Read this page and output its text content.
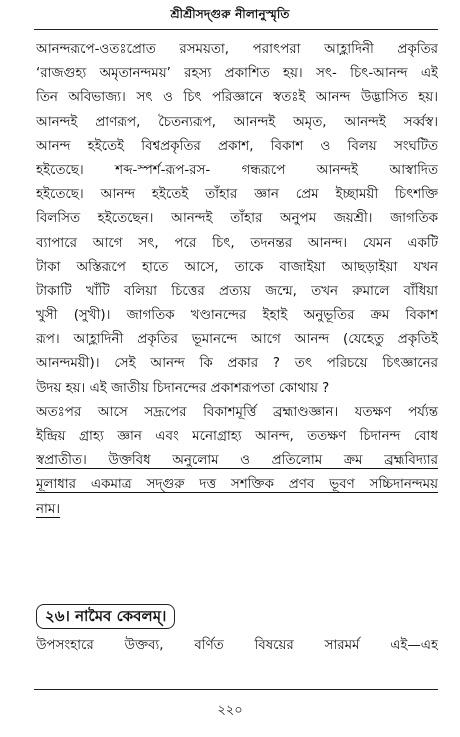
শ্রীশ্রীসদ্‌গুরু নীলানুস্মৃতি
আনন্দরূপে-ওতঃপ্রোত রসময়তা, পরাৎপরা আহ্লাদিনী প্রকৃতির
‘রাজগুহ্য অমৃতানন্দময়’ রহস্য প্রকাশিত হয়। সৎ- চিৎ-আনন্দ এই
তিন অবিভাজ্য। সৎ ও চিৎ পরিজ্ঞানে স্বতঃই আনন্দ উদ্ভাসিত হয়।
আনন্দই প্রাণরূপ, চৈতন্যরূপ, আনন্দই অমৃত, আনন্দই সর্ব্বস্ব।
আনন্দ হইতেই বিশ্বপ্রকৃতির প্রকাশ, বিকাশ ও বিলয় সংঘটিত
হইতেছে। শব্দ-স্পর্শ-রূপ-রস- গন্ধরূপে আনন্দই আস্বাদিত
হইতেছে। আনন্দ হইতেই তাঁহার জ্ঞান প্রেম ইচ্ছাময়ী চিৎশক্তি
বিলসিত হইতেছেন। আনন্দই তাঁহার অনুপম জয়শ্রী। জাগতিক
ব্যাপারে আগে সৎ, পরে চিৎ, তদনন্তর আনন্দ। যেমন একটি
টাকা অস্তিরূপে হাতে আসে, তাকে বাজাইয়া আছড়াইয়া যখন
টাকাটি খাঁটি বলিয়া চিত্তের প্রত্যয় জন্মে, তখন রুমালে বাঁধিয়া
খুসী (সুখী)। জাগতিক খণ্ডানন্দের ইহাই অনুভূতির ক্রম বিকাশ
রূপ। আহ্লাদিনী প্রকৃতির ভূমানন্দে আগে আনন্দ (যেহেতু প্রকৃতিই
আনন্দময়ী)। সেই আনন্দ কি প্রকার ? তৎ পরিচয়ে চিৎজ্ঞানের
উদয় হয়। এই জাতীয় চিদানন্দের প্রকাশরূপতা কোথায় ?
অতঃপর আসে সদ্রূপের বিকাশমূর্ত্তি ব্রহ্মাণ্ডজ্ঞান। যতক্ষণ পর্য্যন্ত
ইন্দ্রিয় গ্রাহ্য জ্ঞান এবং মনোগ্রাহ্য আনন্দ, ততক্ষণ চিদানন্দ বোধ
স্বপ্রাতীত। উক্তবিধ অনুলোম ও প্রতিলোম ক্রম ব্রহ্মবিদ্যার
মূলাধার একমাত্র সদ্‌গুরু দত্ত সশক্তিক প্রণব ভূবণ সচ্চিদানন্দময়
নাম।
২৬। নামৈব কেবলম্।
উপসংহারে উক্তব্য, বর্ণিত বিষয়ের সারমর্ম এই—এহ
২২০
